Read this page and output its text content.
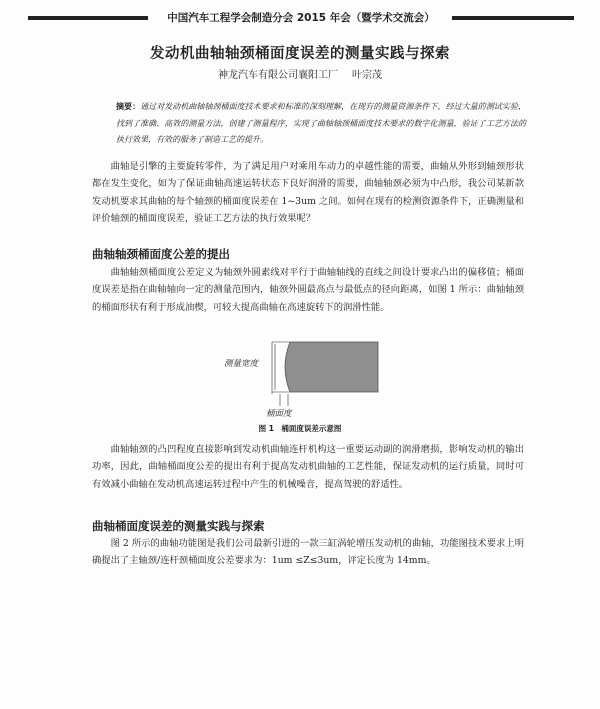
中国汽车工程学会制造分会 2015 年会（暨学术交流会）
发动机曲轴轴颈桶面度误差的测量实践与探索
神龙汽车有限公司襄阳工厂 叶宗茂
摘要：通过对发动机曲轴轴颈桶面度技术要求和标准的深刻理解，在现有的测量资源条件下，经过大量的测试实验，找到了准确、高效的测量方法，创建了测量程序，实现了曲轴轴颈桶面度技术要求的数字化测量，验证了工艺方法的执行效果，有效的服务了制造工艺的提升。
曲轴是引擎的主要旋转零件，为了满足用户对乘用车动力的卓越性能的需要，曲轴从外形到轴颈形状都在发生变化，如为了保证曲轴高速运转状态下良好润滑的需要，曲轴轴颈必须为中凸形，我公司某新款发动机要求其曲轴的每个轴颈的桶面度误差在 1~3um 之间。如何在现有的检测资源条件下，正确测量和评价轴颈的桶面度误差，验证工艺方法的执行效果呢？
曲轴轴颈桶面度公差的提出
曲轴轴颈桶面度公差定义为轴颈外圆素线对平行于曲轴轴线的直线之间设计要求凸出的偏移值；桶面度误差是指在曲轴轴向一定的测量范围内，轴颈外圆最高点与最低点的径向距离，如图 1 所示：曲轴轴颈的桶面形状有利于形成油楔，可较大提高曲轴在高速旋转下的润滑性能。
测量宽度
桶面度
图 1　桶面度误差示意图
曲轴轴颈的凸凹程度直接影响到发动机曲轴连杆机构这一重要运动副的润滑磨损，影响发动机的输出功率，因此，曲轴桶面度公差的提出有利于提高发动机曲轴的工艺性能，保证发动机的运行质量，同时可有效减小曲轴在发动机高速运转过程中产生的机械噪音，提高驾驶的舒适性。
曲轴桶面度误差的测量实践与探索
图 2 所示的曲轴功能图是我们公司最新引进的一款三缸涡轮增压发动机的曲轴，功能图技术要求上明确提出了主轴颈/连杆颈桶面度公差要求为：1um ≤Z≤3um，评定长度为 14mm。
